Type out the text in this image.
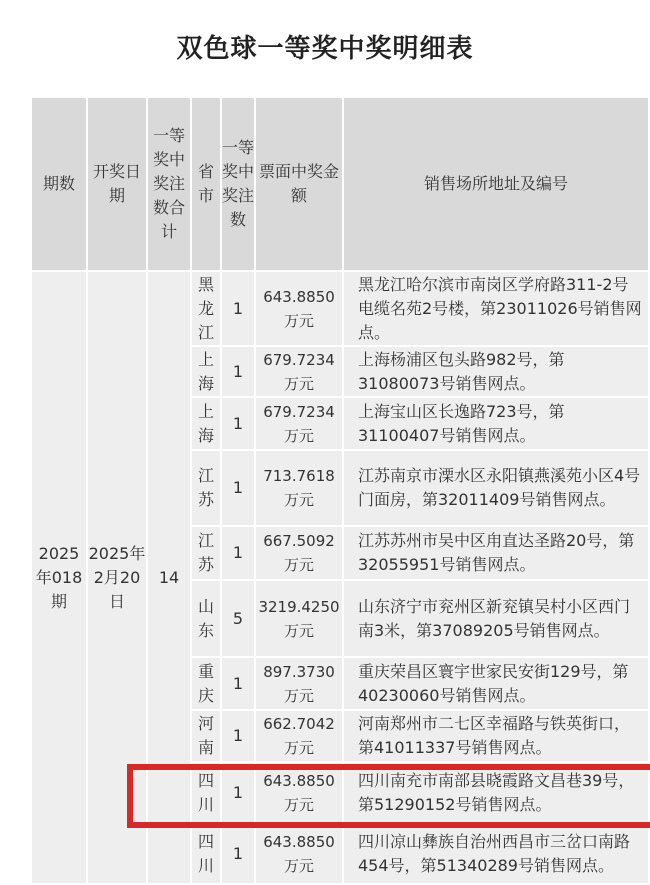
双色球一等奖中奖明细表
期数	开奖日期	一等奖中奖注数合计	省市	一等奖中奖注数	票面中奖金额	销售场所地址及编号
2025年018期	2025年2月20日	14	黑龙江	1	643.8850万元	黑龙江哈尔滨市南岗区学府路311-2号电缆名苑2号楼，第23011026号销售网点。
			上海	1	679.7234万元	上海杨浦区包头路982号，第31080073号销售网点。
			上海	1	679.7234万元	上海宝山区长逸路723号，第31100407号销售网点。
			江苏	1	713.7618万元	江苏南京市溧水区永阳镇燕溪苑小区4号门面房，第32011409号销售网点。
			江苏	1	667.5092万元	江苏苏州市吴中区甪直达圣路20号，第32055951号销售网点。
			山东	5	3219.4250万元	山东济宁市兖州区新兖镇吴村小区西门南3米，第37089205号销售网点。
			重庆	1	897.3730万元	重庆荣昌区寰宇世家民安街129号，第40230060号销售网点。
			河南	1	662.7042万元	河南郑州市二七区幸福路与铁英街口，第41011337号销售网点。
			四川	1	643.8850万元	四川南充市南部县晓霞路文昌巷39号，第51290152号销售网点。
			四川	1	643.8850万元	四川凉山彝族自治州西昌市三岔口南路454号，第51340289号销售网点。
